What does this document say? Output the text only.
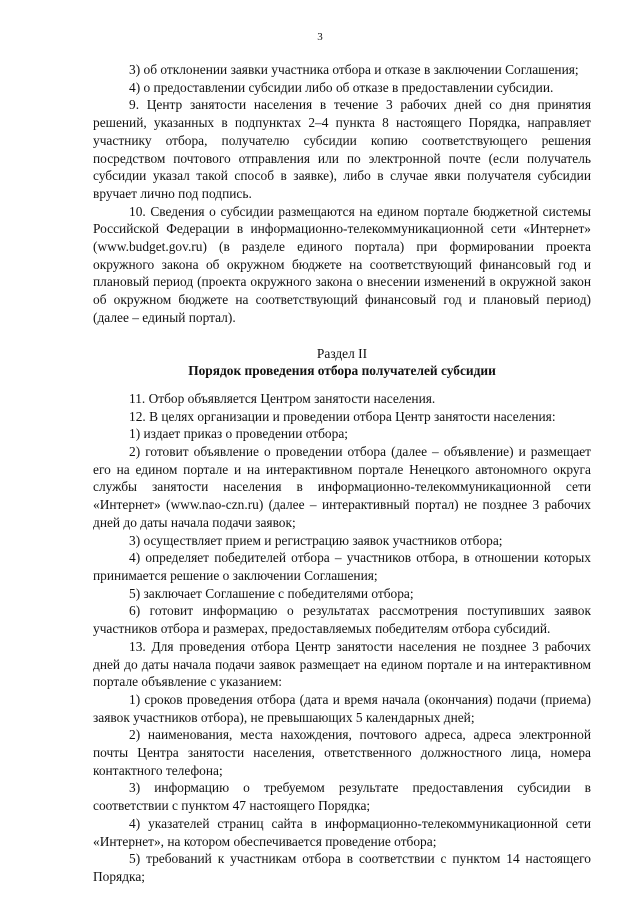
3

3) об отклонении заявки участника отбора и отказе в заключении Соглашения;

4) о предоставлении субсидии либо об отказе в предоставлении субсидии.

9. Центр занятости населения в течение 3 рабочих дней со дня принятия решений, указанных в подпунктах 2–4 пункта 8 настоящего Порядка, направляет участнику отбора, получателю субсидии копию соответствующего решения посредством почтового отправления или по электронной почте (если получатель субсидии указал такой способ в заявке), либо в случае явки получателя субсидии вручает лично под подпись.

10. Сведения о субсидии размещаются на едином портале бюджетной системы Российской Федерации в информационно-телекоммуникационной сети «Интернет» (www.budget.gov.ru) (в разделе единого портала) при формировании проекта окружного закона об окружном бюджете на соответствующий финансовый год и плановый период (проекта окружного закона о внесении изменений в окружной закон об окружном бюджете на соответствующий финансовый год и плановый период) (далее – единый портал).

Раздел II

Порядок проведения отбора получателей субсидии

11. Отбор объявляется Центром занятости населения.

12. В целях организации и проведении отбора Центр занятости населения:

1) издает приказ о проведении отбора;

2) готовит объявление о проведении отбора (далее – объявление) и размещает его на едином портале и на интерактивном портале Ненецкого автономного округа службы занятости населения в информационно-телекоммуникационной сети «Интернет» (www.nao-czn.ru) (далее – интерактивный портал) не позднее 3 рабочих дней до даты начала подачи заявок;

3) осуществляет прием и регистрацию заявок участников отбора;

4) определяет победителей отбора – участников отбора, в отношении которых принимается решение о заключении Соглашения;

5) заключает Соглашение с победителями отбора;

6) готовит информацию о результатах рассмотрения поступивших заявок участников отбора и размерах, предоставляемых победителям отбора субсидий.

13. Для проведения отбора Центр занятости населения не позднее 3 рабочих дней до даты начала подачи заявок размещает на едином портале и на интерактивном портале объявление с указанием:

1) сроков проведения отбора (дата и время начала (окончания) подачи (приема) заявок участников отбора), не превышающих 5 календарных дней;

2) наименования, места нахождения, почтового адреса, адреса электронной почты Центра занятости населения, ответственного должностного лица, номера контактного телефона;

3) информацию о требуемом результате предоставления субсидии в соответствии с пунктом 47 настоящего Порядка;

4) указателей страниц сайта в информационно-телекоммуникационной сети «Интернет», на котором обеспечивается проведение отбора;

5) требований к участникам отбора в соответствии с пунктом 14 настоящего Порядка;
